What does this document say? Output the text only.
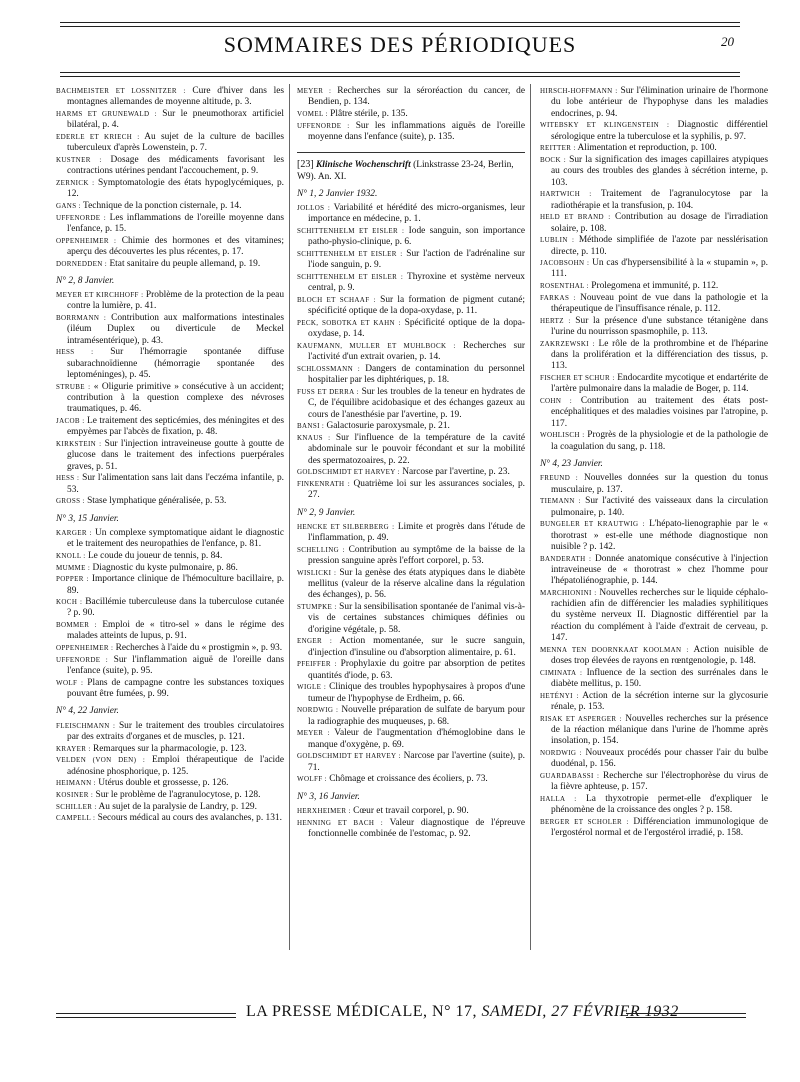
SOMMAIRES DES PÉRIODIQUES	20

BACHMEISTER ET LOSSNITZER : Cure d'hiver dans les montagnes allemandes de moyenne altitude, p. 3.

HARMS ET GRUNEWALD : Sur le pneumothorax artificiel bilatéral, p. 4.

EDERLE ET KRIECH : Au sujet de la culture de bacilles tuberculeux d'après Lowenstein, p. 7.

KUSTNER : Dosage des médicaments favorisant les contractions utérines pendant l'accouchement, p. 9.

ZERNICK : Symptomatologie des états hypoglycémiques, p. 12.

GANS : Technique de la ponction cisternale, p. 14.

UFFENORDE : Les inflammations de l'oreille moyenne dans l'enfance, p. 15.

OPPENHEIMER : Chimie des hormones et des vitamines; aperçu des découvertes les plus récentes, p. 17.

DORNEDDEN : Etat sanitaire du peuple allemand, p. 19.

N° 2, 8 Janvier.

MEYER ET KIRCHHOFF : Problème de la protection de la peau contre la lumière, p. 41.

BORRMANN : Contribution aux malformations intestinales (iléum Duplex ou diverticule de Meckel intramésentérique), p. 43.

HESS : Sur l'hémorragie spontanée diffuse subarachnoïdienne (hémorragie spontanée des leptoméninges), p. 45.

STRUBE : « Oligurie primitive » consécutive à un accident; contribution à la question complexe des névroses traumatiques, p. 46.

JACOB : Le traitement des septicémies, des méningites et des empyèmes par l'abcès de fixation, p. 48.

KIRKSTEIN : Sur l'injection intraveineuse goutte à goutte de glucose dans le traitement des infections puerpérales graves, p. 51.

HESS : Sur l'alimentation sans lait dans l'eczéma infantile, p. 53.

GROSS : Stase lymphatique généralisée, p. 53.

N° 3, 15 Janvier.

KARGER : Un complexe symptomatique aidant le diagnostic et le traitement des neuropathies de l'enfance, p. 81.

KNOLL : Le coude du joueur de tennis, p. 84.

MUMME : Diagnostic du kyste pulmonaire, p. 86.

POPPER : Importance clinique de l'hémoculture bacillaire, p. 89.

KOCH : Bacillémie tuberculeuse dans la tuberculose cutanée ? p. 90.

BOMMER : Emploi de « titro-sel » dans le régime des malades atteints de lupus, p. 91.

OPPENHEIMER : Recherches à l'aide du « prostigmin », p. 93.

UFFENORDE : Sur l'inflammation aiguë de l'oreille dans l'enfance (suite), p. 95.

WOLF : Plans de campagne contre les substances toxiques pouvant être fumées, p. 99.

N° 4, 22 Janvier.

FLEISCHMANN : Sur le traitement des troubles circulatoires par des extraits d'organes et de muscles, p. 121.

KRAYER : Remarques sur la pharmacologie, p. 123.

VELDEN (VON DEN) : Emploi thérapeutique de l'acide adénosine phosphorique, p. 125.

HEIMANN : Utérus double et grossesse, p. 126.

KOSINER : Sur le problème de l'agranulocytose, p. 128.

SCHILLER : Au sujet de la paralysie de Landry, p. 129.

CAMPELL : Secours médical au cours des avalanches, p. 131.

MEYER : Recherches sur la séroréaction du cancer, de Bendien, p. 134.

VOMEL : Plâtre stérile, p. 135.

UFFENORDE : Sur les inflammations aiguës de l'oreille moyenne dans l'enfance (suite), p. 135.

[23] Klinische Wochenschrift (Linkstrasse 23-24, Berlin, W9). An. XI.
N° 1, 2 Janvier 1932.

JOLLOS : Variabilité et hérédité des micro-organismes, leur importance en médecine, p. 1.

SCHITTENHELM ET EISLER : Iode sanguin, son importance patho-physio-clinique, p. 6.

SCHITTENHELM ET EISLER : Sur l'action de l'adrénaline sur l'iode sanguin, p. 9.

SCHITTENHELM ET EISLER : Thyroxine et système nerveux central, p. 9.

BLOCH ET SCHAAF : Sur la formation de pigment cutané; spécificité optique de la dopa-oxydase, p. 11.

PECK, SOBOTKA ET KAHN : Spécificité optique de la dopa-oxydase, p. 14.

KAUFMANN, MULLER ET MUHLBOCK : Recherches sur l'activité d'un extrait ovarien, p. 14.

SCHLOSSMANN : Dangers de contamination du personnel hospitalier par les diphtériques, p. 18.

FUSS ET DERRA : Sur les troubles de la teneur en hydrates de C, de l'équilibre acidobasique et des échanges gazeux au cours de l'anesthésie par l'avertine, p. 19.

BANSI : Galactosurie paroxysmale, p. 21.

KNAUS : Sur l'influence de la température de la cavité abdominale sur le pouvoir fécondant et sur la mobilité des spermatozoaires, p. 22.

GOLDSCHMIDT ET HARVEY : Narcose par l'avertine, p. 23.

FINKENRATH : Quatrième loi sur les assurances sociales, p. 27.

N° 2, 9 Janvier.

HENCKE ET SILBERBERG : Limite et progrès dans l'étude de l'inflammation, p. 49.

SCHELLING : Contribution au symptôme de la baisse de la pression sanguine après l'effort corporel, p. 53.

WISLICKI : Sur la genèse des états atypiques dans le diabète mellitus (valeur de la réserve alcaline dans la régulation des échanges), p. 56.

STUMPKE : Sur la sensibilisation spontanée de l'animal vis-à-vis de certaines substances chimiques définies ou d'origine végétale, p. 58.

ENGER : Action momentanée, sur le sucre sanguin, d'injection d'insuline ou d'absorption alimentaire, p. 61.

PFEIFFER : Prophylaxie du goitre par absorption de petites quantités d'iode, p. 63.

WIGLE : Clinique des troubles hypophysaires à propos d'une tumeur de l'hypophyse de Erdheim, p. 66.

NORDWIG : Nouvelle préparation de sulfate de baryum pour la radiographie des muqueuses, p. 68.

MEYER : Valeur de l'augmentation d'hémoglobine dans le manque d'oxygène, p. 69.

GOLDSCHMIDT ET HARVEY : Narcose par l'avertine (suite), p. 71.

WOLFF : Chômage et croissance des écoliers, p. 73.

N° 3, 16 Janvier.

HERXHEIMER : Cœur et travail corporel, p. 90.

HENNING ET BACH : Valeur diagnostique de l'épreuve fonctionnelle combinée de l'estomac, p. 92.

HIRSCH-HOFFMANN : Sur l'élimination urinaire de l'hormone du lobe antérieur de l'hypophyse dans les maladies endocrines, p. 94.

WITEBSKY ET KLINGENSTEIN : Diagnostic différentiel sérologique entre la tuberculose et la syphilis, p. 97.

REITTER : Alimentation et reproduction, p. 100.

BOCK : Sur la signification des images capillaires atypiques au cours des troubles des glandes à sécrétion interne, p. 103.

HARTWICH : Traitement de l'agranulocytose par la radiothérapie et la transfusion, p. 104.

HELD ET BRAND : Contribution au dosage de l'irradiation solaire, p. 108.

LUBLIN : Méthode simplifiée de l'azote par nesslérisation directe, p. 110.

JACOBSOHN : Un cas d'hypersensibilité à la « stupamin », p. 111.

ROSENTHAL : Prolegomena et immunité, p. 112.

FARKAS : Nouveau point de vue dans la pathologie et la thérapeutique de l'insuffisance rénale, p. 112.

HERTZ : Sur la présence d'une substance tétanigène dans l'urine du nourrisson spasmophile, p. 113.

ZAKRZEWSKI : Le rôle de la prothrombine et de l'héparine dans la prolifération et la différenciation des tissus, p. 113.

FISCHER ET SCHUR : Endocardite mycotique et endartérite de l'artère pulmonaire dans la maladie de Boger, p. 114.

COHN : Contribution au traitement des états post-encéphalitiques et des maladies voisines par l'atropine, p. 117.

WOHLISCH : Progrès de la physiologie et de la pathologie de la coagulation du sang, p. 118.

N° 4, 23 Janvier.

FREUND : Nouvelles données sur la question du tonus musculaire, p. 137.

TIEMANN : Sur l'activité des vaisseaux dans la circulation pulmonaire, p. 140.

BUNGELER ET KRAUTWIG : L'hépato-lienographie par le « thorotrast » est-elle une méthode diagnostique non nuisible ? p. 142.

BANDERATH : Donnée anatomique consécutive à l'injection intraveineuse de « thorotrast » chez l'homme pour l'hépatoliénographie, p. 144.

MARCHIONINI : Nouvelles recherches sur le liquide céphalo-rachidien afin de différencier les maladies syphilitiques du système nerveux II. Diagnostic différentiel par la réaction du complément à l'aide d'extrait de cerveau, p. 147.

MENNA TEN DOORNKAAT KOOLMAN : Action nuisible de doses trop élevées de rayons en rœntgenologie, p. 148.

CIMINATA : Influence de la section des surrénales dans le diabète mellitus, p. 150.

HETÉNYI : Action de la sécrétion interne sur la glycosurie rénale, p. 153.

RISAK ET ASPERGER : Nouvelles recherches sur la présence de la réaction mélanique dans l'urine de l'homme après insolation, p. 154.

NORDWIG : Nouveaux procédés pour chasser l'air du bulbe duodénal, p. 156.

GUARDABASSI : Recherche sur l'électrophorèse du virus de la fièvre aphteuse, p. 157.

HALLA : La thyxotropie permet-elle d'expliquer le phénomène de la croissance des ongles ? p. 158.

BERGER ET SCHOLER : Différenciation immunologique de l'ergostérol normal et de l'ergostérol irradié, p. 158.

LA PRESSE MÉDICALE, N° 17, SAMEDI, 27 FÉVRIER 1932
